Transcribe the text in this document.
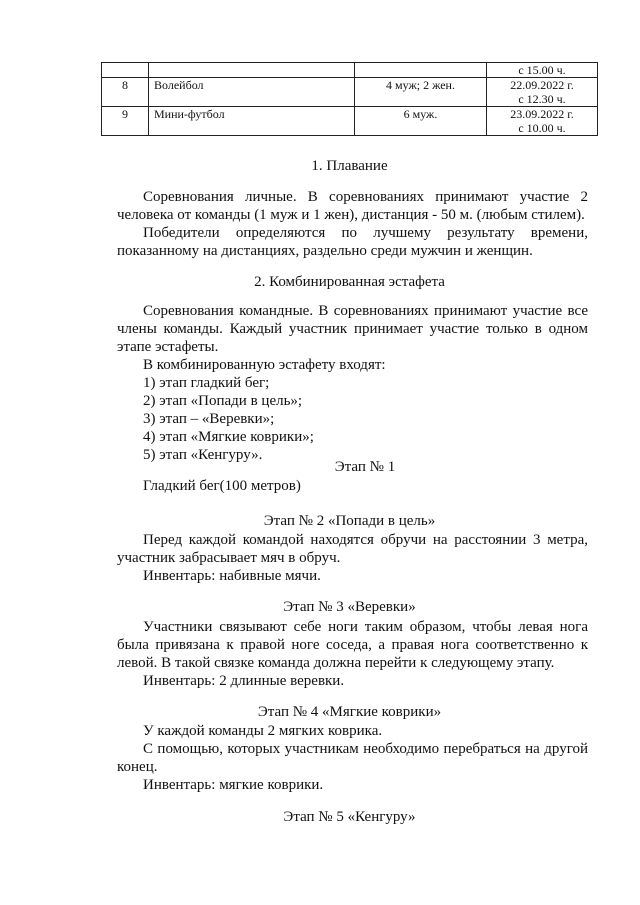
			с 15.00 ч.

8	Волейбол	4 муж; 2 жен.	22.09.2022 г.
с 12.30 ч.

9	Мини-футбол	6 муж.	23.09.2022 г.
с 10.00 ч.
1. Плавание
Соревнования личные. В соревнованиях принимают участие 2
человека от команды (1 муж и 1 жен), дистанция - 50 м. (любым стилем).
Победители определяются по лучшему результату времени,
показанному на дистанциях, раздельно среди мужчин и женщин.
2. Комбинированная эстафета
Соревнования командные. В соревнованиях принимают участие все
члены команды. Каждый участник принимает участие только в одном
этапе эстафеты.
В комбинированную эстафету входят:
1) этап гладкий бег;
2) этап «Попади в цель»;
3) этап – «Веревки»;
4) этап «Мягкие коврики»;
5) этап «Кенгуру».
Этап № 1
Гладкий бег(100 метров)
Этап № 2 «Попади в цель»
Перед каждой командой находятся обручи на расстоянии 3 метра,
участник забрасывает мяч в обруч.
Инвентарь: набивные мячи.
Этап № 3 «Веревки»
Участники связывают себе ноги таким образом, чтобы левая нога
была привязана к правой ноге соседа, а правая нога соответственно к
левой. В такой связке команда должна перейти к следующему этапу.
Инвентарь: 2 длинные веревки.
Этап № 4 «Мягкие коврики»
У каждой команды 2 мягких коврика.
С помощью, которых участникам необходимо перебраться на другой
конец.
Инвентарь: мягкие коврики.
Этап № 5 «Кенгуру»
